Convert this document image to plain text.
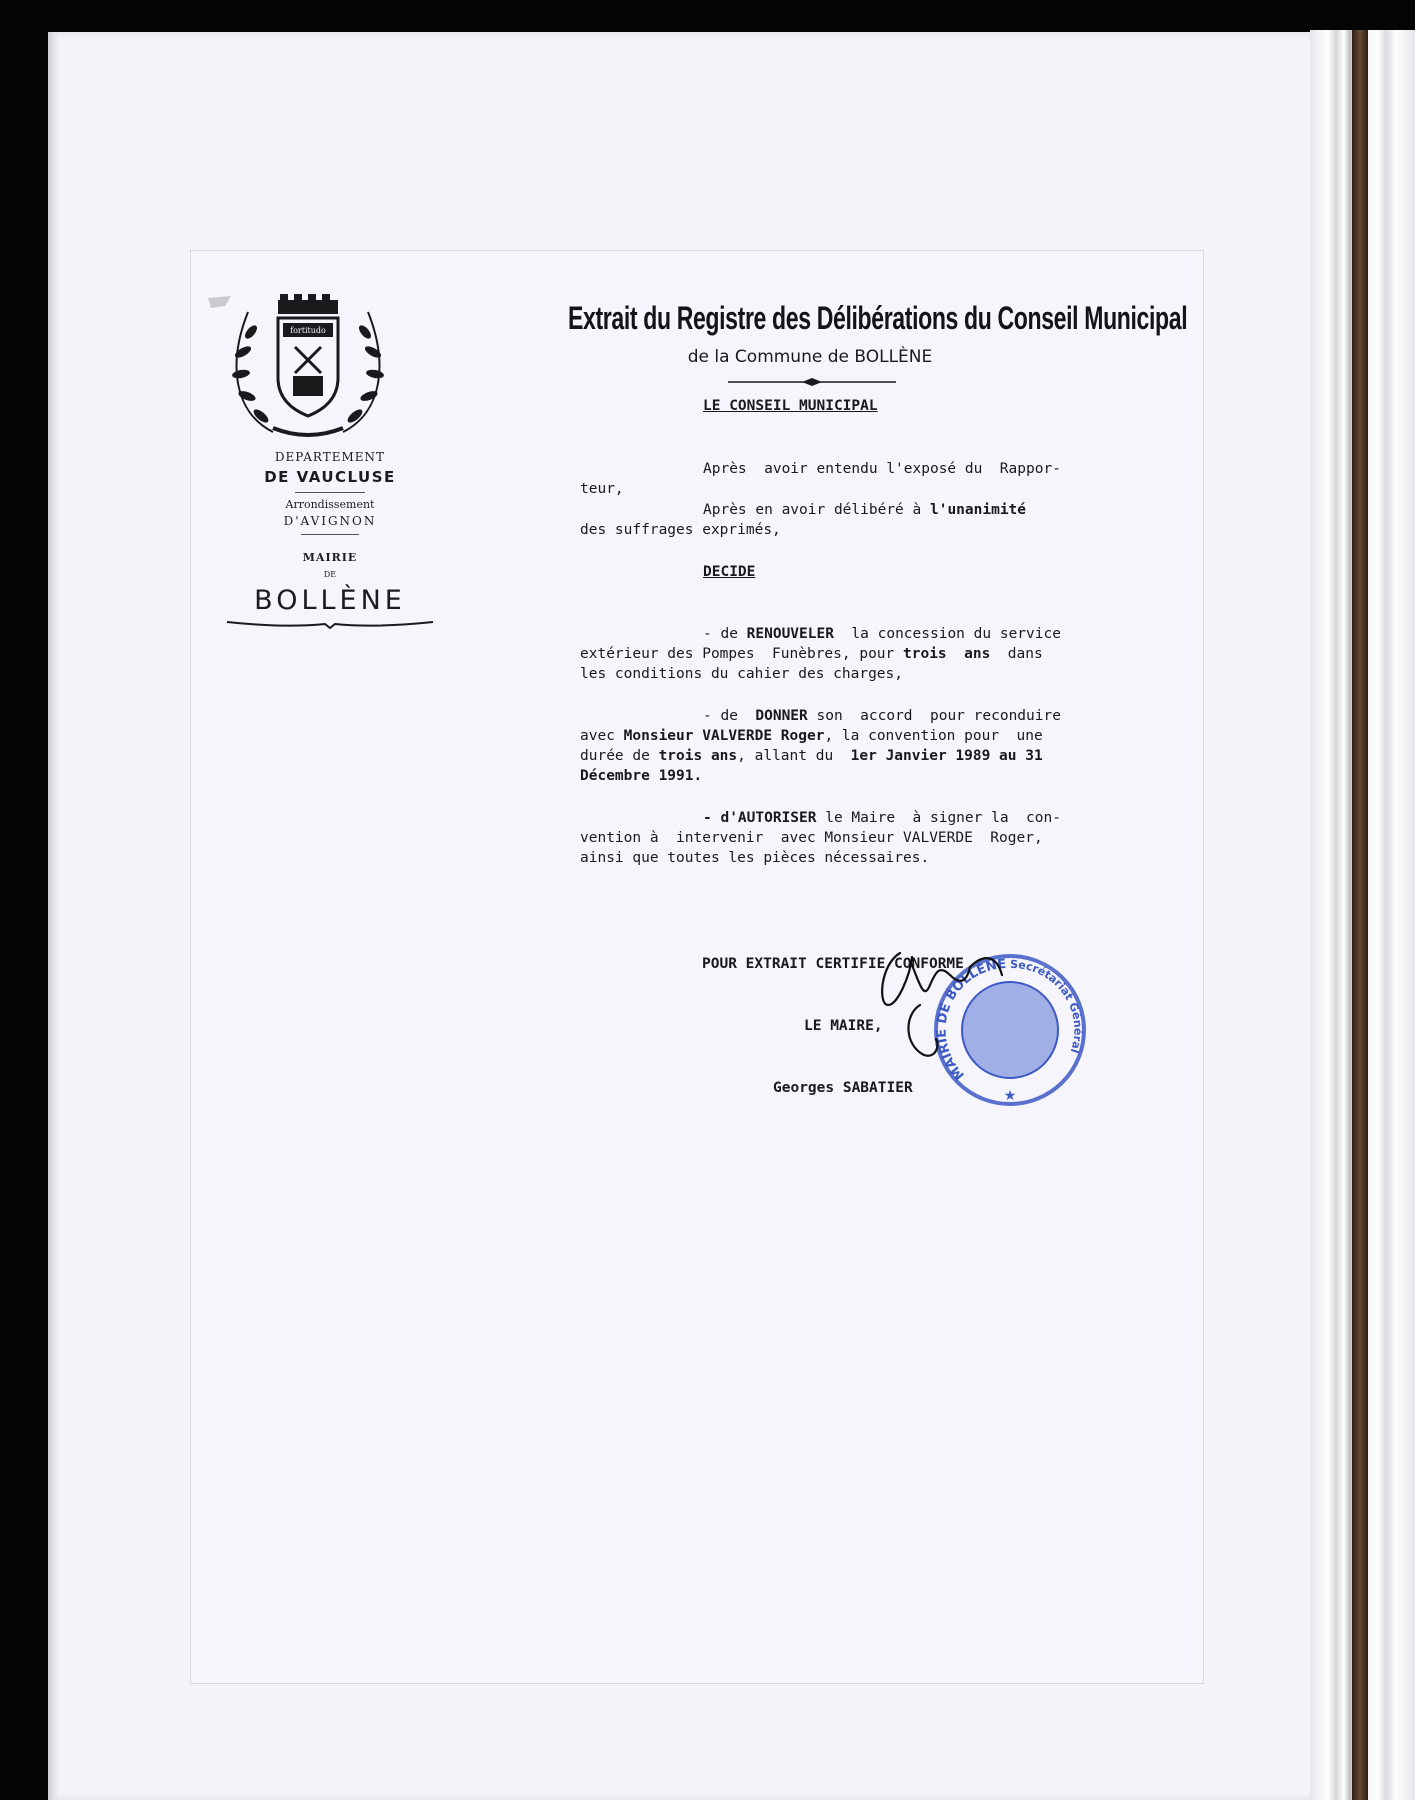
fortitudo
DEPARTEMENT
DE VAUCLUSE
Arrondissement
D'AVIGNON
MAIRIE
DE
BOLLÈNE
Extrait du Registre des Délibérations du Conseil Municipal
de la Commune de BOLLÈNE
LE CONSEIL MUNICIPAL
Après  avoir entendu l'exposé du  Rappor-
teur,
Après en avoir délibéré à l'unanimité
des suffrages exprimés,
DECIDE
- de RENOUVELER  la concession du service
extérieur des Pompes  Funèbres, pour trois  ans  dans
les conditions du cahier des charges,
- de  DONNER son  accord  pour reconduire
avec Monsieur VALVERDE Roger, la convention pour  une
durée de trois ans, allant du  1er Janvier 1989 au 31
Décembre 1991.
- d'AUTORISER le Maire  à signer la  con-
vention à  intervenir  avec Monsieur VALVERDE  Roger,
ainsi que toutes les pièces nécessaires.
POUR EXTRAIT CERTIFIE CONFORME
LE MAIRE,
Georges SABATIER
MAIRIE DE BOLLÈNE Secrétariat Général
★
